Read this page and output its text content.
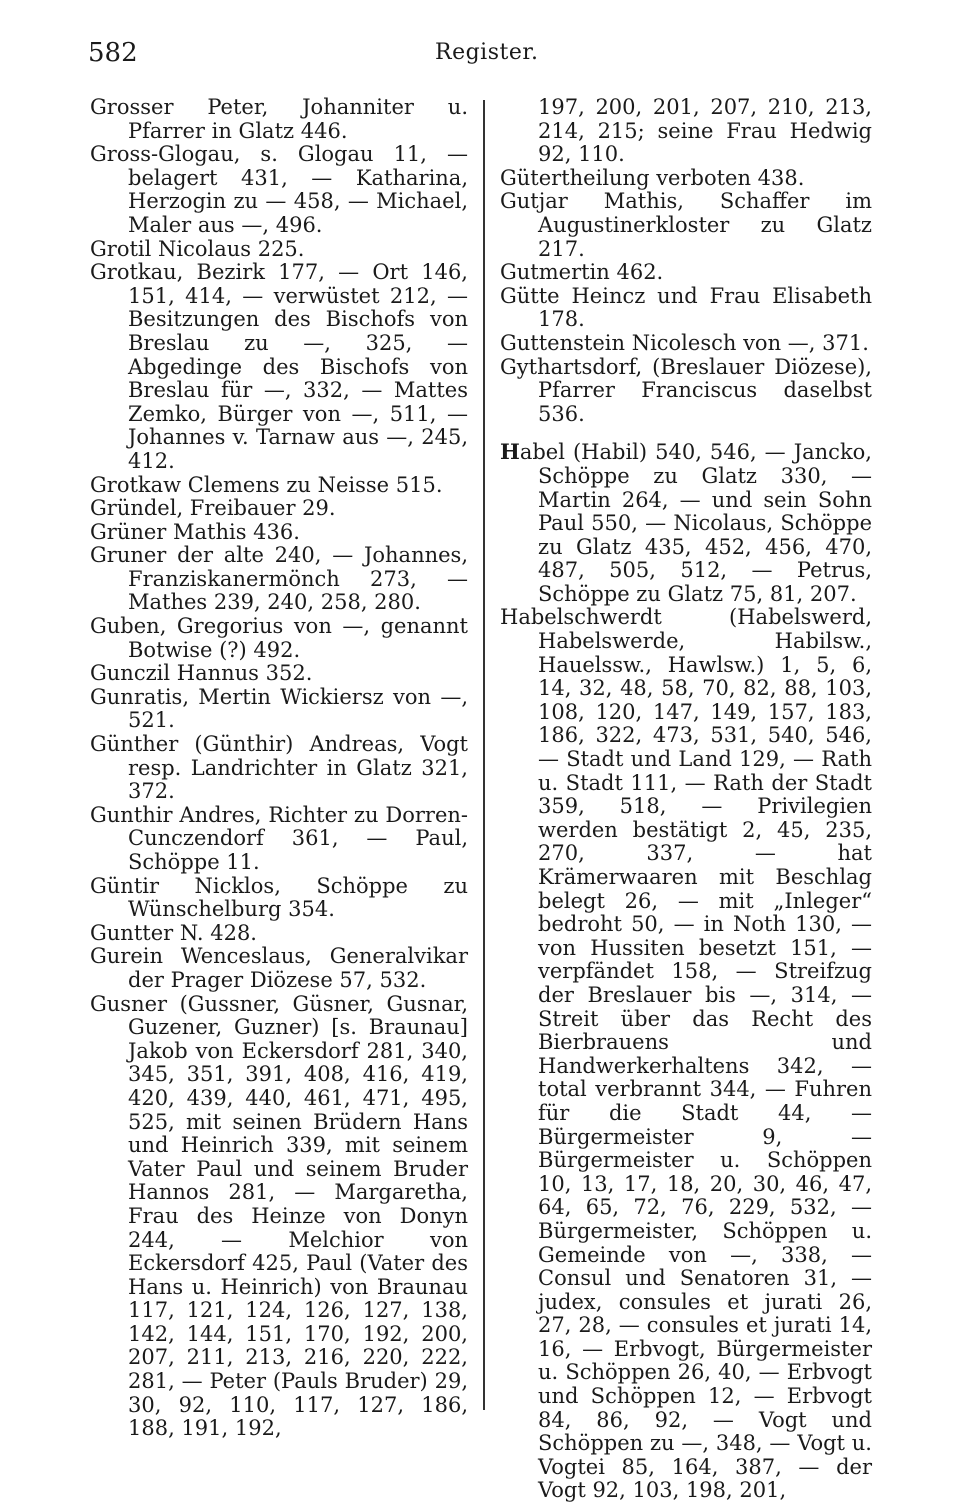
582	Register.

Grosser Peter, Johanniter u. Pfarrer in Glatz 446.

Gross-Glogau, s. Glogau 11, — belagert 431, — Katharina, Herzogin zu — 458, — Michael, Maler aus —, 496.

Grotil Nicolaus 225.

Grotkau, Bezirk 177, — Ort 146, 151, 414, — verwüstet 212, — Besitzungen des Bischofs von Breslau zu —, 325, — Abgedinge des Bischofs von Breslau für —, 332, — Mattes Zemko, Bürger von —, 511, — Johannes v. Tarnaw aus —, 245, 412.

Grotkaw Clemens zu Neisse 515.

Gründel, Freibauer 29.

Grüner Mathis 436.

Gruner der alte 240, — Johannes, Franziskanermönch 273, — Mathes 239, 240, 258, 280.

Guben, Gregorius von —, genannt Botwise (?) 492.

Gunczil Hannus 352.

Gunratis, Mertin Wickiersz von —, 521.

Günther (Günthir) Andreas, Vogt resp. Landrichter in Glatz 321, 372.

Gunthir Andres, Richter zu Dorren-Cunczendorf 361, — Paul, Schöppe 11.

Güntir Nicklos, Schöppe zu Wünschelburg 354.

Guntter N. 428.

Gurein Wenceslaus, Generalvikar der Prager Diözese 57, 532.

Gusner (Gussner, Güsner, Gusnar, Guzener, Guzner) [s. Braunau] Jakob von Eckersdorf 281, 340, 345, 351, 391, 408, 416, 419, 420, 439, 440, 461, 471, 495, 525, mit seinen Brüdern Hans und Heinrich 339, mit seinem Vater Paul und seinem Bruder Hannos 281, — Margaretha, Frau des Heinze von Donyn 244, — Melchior von Eckersdorf 425, Paul (Vater des Hans u. Heinrich) von Braunau 117, 121, 124, 126, 127, 138, 142, 144, 151, 170, 192, 200, 207, 211, 213, 216, 220, 222, 281, — Peter (Pauls Bruder) 29, 30, 92, 110, 117, 127, 186, 188, 191, 192,

197, 200, 201, 207, 210, 213, 214, 215; seine Frau Hedwig 92, 110.

Gütertheilung verboten 438.

Gutjar Mathis, Schaffer im Augustinerkloster zu Glatz 217.

Gutmertin 462.

Gütte Heincz und Frau Elisabeth 178.

Guttenstein Nicolesch von —, 371.

Gythartsdorf, (Breslauer Diözese), Pfarrer Franciscus daselbst 536.

Habel (Habil) 540, 546, — Jancko, Schöppe zu Glatz 330, — Martin 264, — und sein Sohn Paul 550, — Nicolaus, Schöppe zu Glatz 435, 452, 456, 470, 487, 505, 512, — Petrus, Schöppe zu Glatz 75, 81, 207.

Habelschwerdt (Habelswerd, Habelswerde, Habilsw., Hauelssw., Hawlsw.) 1, 5, 6, 14, 32, 48, 58, 70, 82, 88, 103, 108, 120, 147, 149, 157, 183, 186, 322, 473, 531, 540, 546, — Stadt und Land 129, — Rath u. Stadt 111, — Rath der Stadt 359, 518, — Privilegien werden bestätigt 2, 45, 235, 270, 337, — hat Krämerwaaren mit Beschlag belegt 26, — mit „Inleger“ bedroht 50, — in Noth 130, — von Hussiten besetzt 151, — verpfändet 158, — Streifzug der Breslauer bis —, 314, — Streit über das Recht des Bierbrauens und Handwerkerhaltens 342, — total verbrannt 344, — Fuhren für die Stadt 44, — Bürgermeister 9, — Bürgermeister u. Schöppen 10, 13, 17, 18, 20, 30, 46, 47, 64, 65, 72, 76, 229, 532, — Bürgermeister, Schöppen u. Gemeinde von —, 338, — Consul und Senatoren 31, — judex, consules et jurati 26, 27, 28, — consules et jurati 14, 16, — Erbvogt, Bürgermeister u. Schöppen 26, 40, — Erbvogt und Schöppen 12, — Erbvogt 84, 86, 92, — Vogt und Schöppen zu —, 348, — Vogt u. Vogtei 85, 164, 387, — der Vogt 92, 103, 198, 201,
